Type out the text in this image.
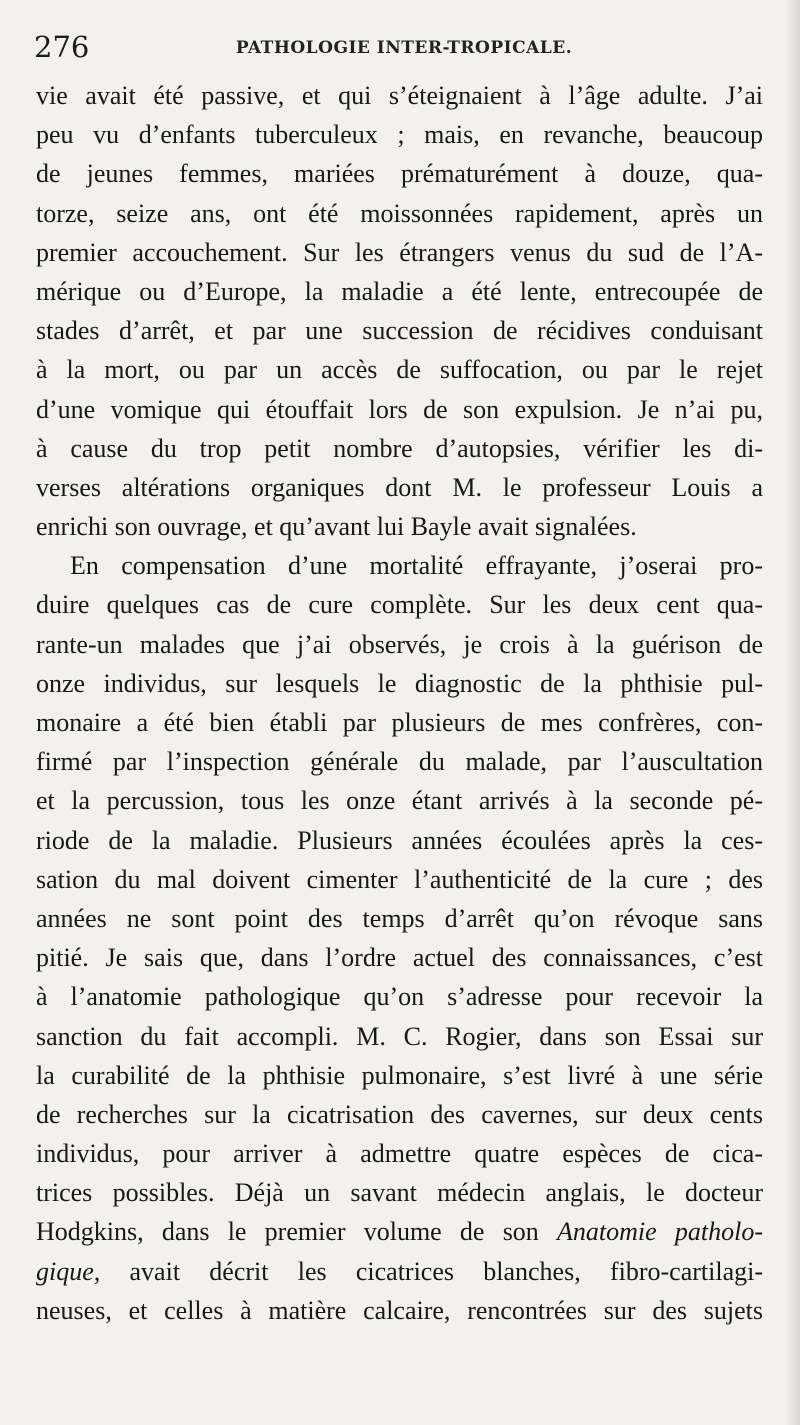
276	PATHOLOGIE INTER-TROPICALE.
vie avait été passive, et qui s’éteignaient à l’âge adulte. J’ai
peu vu d’enfants tuberculeux ; mais, en revanche, beaucoup
de jeunes femmes, mariées prématurément à douze, qua-
torze, seize ans, ont été moissonnées rapidement, après un
premier accouchement. Sur les étrangers venus du sud de l’A-
mérique ou d’Europe, la maladie a été lente, entrecoupée de
stades d’arrêt, et par une succession de récidives conduisant
à la mort, ou par un accès de suffocation, ou par le rejet
d’une vomique qui étouffait lors de son expulsion. Je n’ai pu,
à cause du trop petit nombre d’autopsies, vérifier les di-
verses altérations organiques dont M. le professeur Louis a
enrichi son ouvrage, et qu’avant lui Bayle avait signalées.
En compensation d’une mortalité effrayante, j’oserai pro-
duire quelques cas de cure complète. Sur les deux cent qua-
rante-un malades que j’ai observés, je crois à la guérison de
onze individus, sur lesquels le diagnostic de la phthisie pul-
monaire a été bien établi par plusieurs de mes confrères, con-
firmé par l’inspection générale du malade, par l’auscultation
et la percussion, tous les onze étant arrivés à la seconde pé-
riode de la maladie. Plusieurs années écoulées après la ces-
sation du mal doivent cimenter l’authenticité de la cure ; des
années ne sont point des temps d’arrêt qu’on révoque sans
pitié. Je sais que, dans l’ordre actuel des connaissances, c’est
à l’anatomie pathologique qu’on s’adresse pour recevoir la
sanction du fait accompli. M. C. Rogier, dans son Essai sur
la curabilité de la phthisie pulmonaire, s’est livré à une série
de recherches sur la cicatrisation des cavernes, sur deux cents
individus, pour arriver à admettre quatre espèces de cica-
trices possibles. Déjà un savant médecin anglais, le docteur
Hodgkins, dans le premier volume de son Anatomie patholo-
gique, avait décrit les cicatrices blanches, fibro-cartilagi-
neuses, et celles à matière calcaire, rencontrées sur des sujets
